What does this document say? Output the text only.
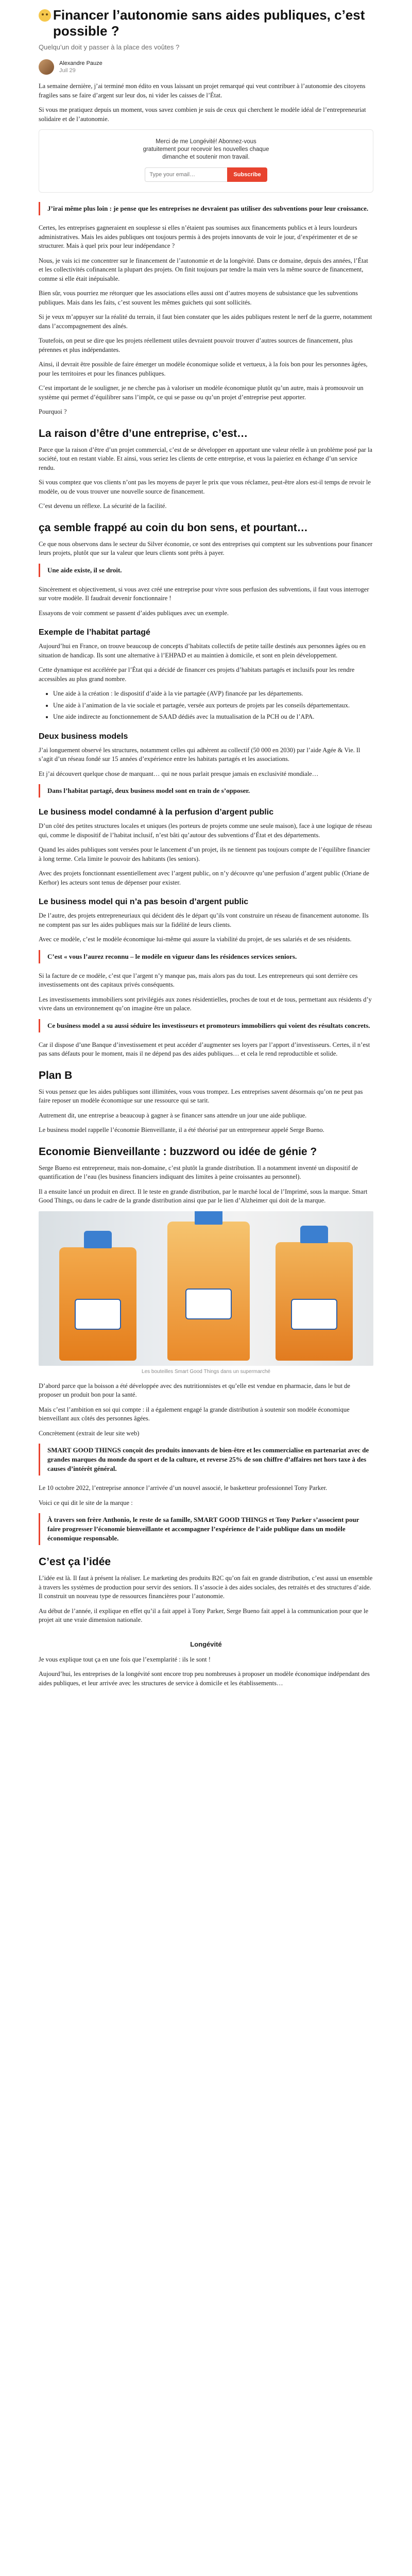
Financer l’autonomie sans aides publiques, c’est possible ?
Quelqu’un doit y passer à la place des voûtes ?
Alexandre Pauze
Juil 29

La semaine dernière, j’ai terminé mon édito en vous laissant un projet remarqué qui veut contribuer à l’autonomie des citoyens fragiles sans se faire d’argent sur leur dos, ni vider les caisses de l’État.

Si vous me pratiquez depuis un moment, vous savez combien je suis de ceux qui cherchent le modèle idéal de l’entrepreneuriat solidaire et de l’autonomie.

Merci de me Longévité! Abonnez-vous gratuitement pour recevoir les nouvelles chaque dimanche et soutenir mon travail.
Type your email…
Subscribe
J’irai même plus loin : je pense que les entreprises ne devraient pas utiliser des subventions pour leur croissance.

Certes, les entreprises gagneraient en souplesse si elles n’étaient pas soumises aux financements publics et à leurs lourdeurs administratives. Mais les aides publiques ont toujours permis à des projets innovants de voir le jour, d’expérimenter et de se structurer. Mais à quel prix pour leur indépendance ?

Nous, je vais ici me concentrer sur le financement de l’autonomie et de la longévité. Dans ce domaine, depuis des années, l’État et les collectivités cofinancent la plupart des projets. On finit toujours par tendre la main vers la même source de financement, comme si elle était inépuisable.

Bien sûr, vous pourriez me rétorquer que les associations elles aussi ont d’autres moyens de subsistance que les subventions publiques. Mais dans les faits, c’est souvent les mêmes guichets qui sont sollicités.

Si je veux m’appuyer sur la réalité du terrain, il faut bien constater que les aides publiques restent le nerf de la guerre, notamment dans l’accompagnement des aînés.

Toutefois, on peut se dire que les projets réellement utiles devraient pouvoir trouver d’autres sources de financement, plus pérennes et plus indépendantes.

Ainsi, il devrait être possible de faire émerger un modèle économique solide et vertueux, à la fois bon pour les personnes âgées, pour les territoires et pour les finances publiques.

C’est important de le souligner, je ne cherche pas à valoriser un modèle économique plutôt qu’un autre, mais à promouvoir un système qui permet d’équilibrer sans l’impôt, ce qui se passe ou qu’un projet d’entreprise peut apporter.

Pourquoi ?

La raison d’être d’une entreprise, c’est…

Parce que la raison d’être d’un projet commercial, c’est de se développer en apportant une valeur réelle à un problème posé par la société, tout en restant viable. Et ainsi, vous seriez les clients de cette entreprise, et vous la paieriez en échange d’un service rendu.

Si vous comptez que vos clients n’ont pas les moyens de payer le prix que vous réclamez, peut-être alors est-il temps de revoir le modèle, ou de vous trouver une nouvelle source de financement.

C’est devenu un réflexe. La sécurité de la facilité.

ça semble frappé au coin du bon sens, et pourtant…

Ce que nous observons dans le secteur du Silver économie, ce sont des entreprises qui comptent sur les subventions pour financer leurs projets, plutôt que sur la valeur que leurs clients sont prêts à payer.

Une aide existe, il se droit.

Sincèrement et objectivement, si vous avez créé une entreprise pour vivre sous perfusion des subventions, il faut vous interroger sur votre modèle. Il faudrait devenir fonctionnaire !

Essayons de voir comment se passent d’aides publiques avec un exemple.

Exemple de l’habitat partagé

Aujourd’hui en France, on trouve beaucoup de concepts d’habitats collectifs de petite taille destinés aux personnes âgées ou en situation de handicap. Ils sont une alternative à l’EHPAD et au maintien à domicile, et sont en plein développement.

Cette dynamique est accélérée par l’État qui a décidé de financer ces projets d’habitats partagés et inclusifs pour les rendre accessibles au plus grand nombre.

• Une aide à la création : le dispositif d’aide à la vie partagée (AVP) financée par les départements.
• Une aide à l’animation de la vie sociale et partagée, versée aux porteurs de projets par les conseils départementaux.
• Une aide indirecte au fonctionnement de SAAD dédiés avec la mutualisation de la PCH ou de l’APA.
Deux business models

J’ai longuement observé les structures, notamment celles qui adhèrent au collectif (50 000 en 2030) par l’aide Agée & Vie. Il s’agit d’un réseau fondé sur 15 années d’expérience entre les habitats partagés et les associations.

Et j’ai découvert quelque chose de marquant… qui ne nous parlait presque jamais en exclusivité mondiale…

Dans l’habitat partagé, deux business model sont en train de s’opposer.
Le business model condamné à la perfusion d’argent public

D’un côté des petites structures locales et uniques (les porteurs de projets comme une seule maison), face à une logique de réseau qui, comme le dispositif de l’habitat inclusif, n’est bâti qu’autour des subventions d’État et des départements.

Quand les aides publiques sont versées pour le lancement d’un projet, ils ne tiennent pas toujours compte de l’équilibre financier à long terme. Cela limite le pouvoir des habitants (les seniors).

Avec des projets fonctionnant essentiellement avec l’argent public, on n’y découvre qu’une perfusion d’argent public (Oriane de Kerhor) les acteurs sont tenus de dépenser pour exister.

Le business model qui n’a pas besoin d’argent public

De l’autre, des projets entrepreneuriaux qui décident dès le départ qu’ils vont construire un réseau de financement autonome. Ils ne comptent pas sur les aides publiques mais sur la fidélité de leurs clients.

Avec ce modèle, c’est le modèle économique lui-même qui assure la viabilité du projet, de ses salariés et de ses résidents.

C’est « vous l’aurez reconnu – le modèle en vigueur dans les résidences services seniors.

Si la facture de ce modèle, c’est que l’argent n’y manque pas, mais alors pas du tout. Les entrepreneurs qui sont derrière ces investissements ont des capitaux privés conséquents.

Les investissements immobiliers sont privilégiés aux zones résidentielles, proches de tout et de tous, permettant aux résidents d’y vivre dans un environnement qu’on imagine être un palace.

Ce business model a su aussi séduire les investisseurs et promoteurs immobiliers qui voient des résultats concrets.

Car il dispose d’une Banque d’investissement et peut accéder d’augmenter ses loyers par l’apport d’investisseurs. Certes, il n’est pas sans défauts pour le moment, mais il ne dépend pas des aides publiques… et cela le rend reproductible et solide.

Plan B

Si vous pensez que les aides publiques sont illimitées, vous vous trompez. Les entreprises savent désormais qu’on ne peut pas faire reposer un modèle économique sur une ressource qui se tarit.

Autrement dit, une entreprise a beaucoup à gagner à se financer sans attendre un jour une aide publique.

Le business model rappelle l’économie Bienveillante, il a été théorisé par un entrepreneur appelé Serge Bueno.

Economie Bienveillante : buzzword ou idée de génie ?

Serge Bueno est entrepreneur, mais non-domaine, c’est plutôt la grande distribution. Il a notamment inventé un dispositif de quantification de l’eau (les business financiers indiquant des limites à peine croissantes au personnel).

Il a ensuite lancé un produit en direct. Il le teste en grande distribution, par le marché local de l’Imprimé, sous la marque. Smart Good Things, ou dans le cadre de la grande distribution ainsi que par le lien d’Alzheimer qui doit de la marque.

Les bouteilles Smart Good Things dans un supermarché

D’abord parce que la boisson a été développée avec des nutritionnistes et qu’elle est vendue en pharmacie, dans le but de proposer un produit bon pour la santé.

Mais c’est l’ambition en soi qui compte : il a également engagé la grande distribution à soutenir son modèle économique bienveillant aux côtés des personnes âgées.

Concrètement (extrait de leur site web)

SMART GOOD THINGS conçoit des produits innovants de bien-être et les commercialise en partenariat avec de grandes marques du monde du sport et de la culture, et reverse 25% de son chiffre d’affaires net hors taxe à des causes d’intérêt général.

Le 10 octobre 2022, l’entreprise annonce l’arrivée d’un nouvel associé, le basketteur professionnel Tony Parker.

Voici ce qui dit le site de la marque :

À travers son frère Anthonio, le reste de sa famille, SMART GOOD THINGS et Tony Parker s’associent pour faire progresser l’économie bienveillante et accompagner l’expérience de l’aide publique dans un modèle économique responsable.
C’est ça l’idée

L’idée est là. Il faut à présent la réaliser. Le marketing des produits B2C qu’on fait en grande distribution, c’est aussi un ensemble à travers les systèmes de production pour servir des seniors. Il s’associe à des aides sociales, des retraités et des structures d’aide. Il construit un nouveau type de ressources financières pour l’autonomie.

Au début de l’année, il explique en effet qu’il a fait appel à Tony Parker, Serge Bueno fait appel à la communication pour que le projet ait une vraie dimension nationale.

Longévité

Je vous explique tout ça en une fois que l’exemplarité : ils le sont !

Aujourd’hui, les entreprises de la longévité sont encore trop peu nombreuses à proposer un modèle économique indépendant des aides publiques, et leur arrivée avec les structures de service à domicile et les établissements…
